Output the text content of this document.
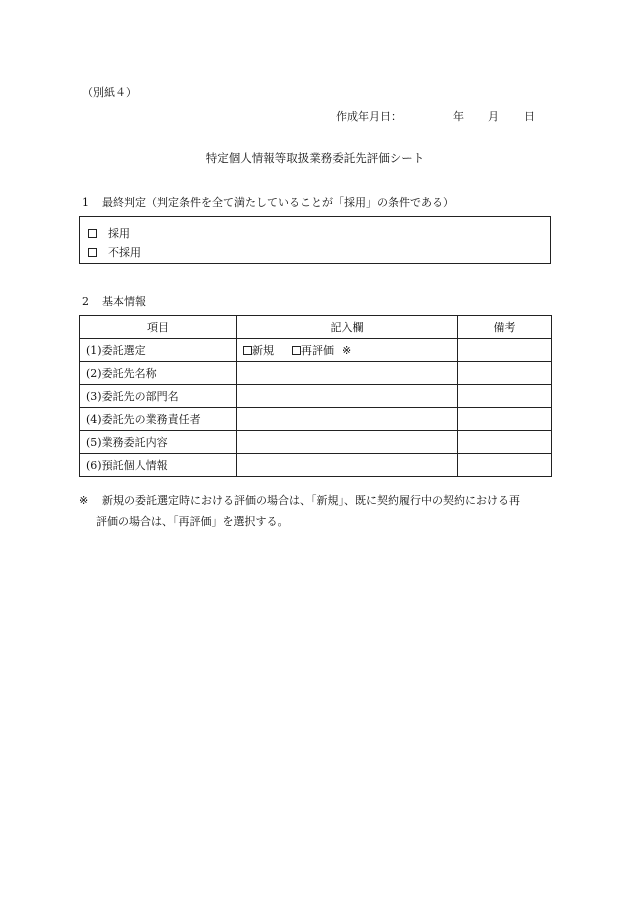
（別紙４）
作成年月日：	年 月 日
特定個人情報等取扱業務委託先評価シート
1 最終判定（判定条件を全て満たしていることが「採用」の条件である）
採用
不採用
2 基本情報
項目	記入欄	備考
(1)委託選定	新規 再評価 ※	
(2)委託先名称		
(3)委託先の部門名		
(4)委託先の業務責任者		
(5)業務委託内容		
(6)預託個人情報		
※ 新規の委託選定時における評価の場合は、「新規」、既に契約履行中の契約における再
評価の場合は、「再評価」を選択する。
